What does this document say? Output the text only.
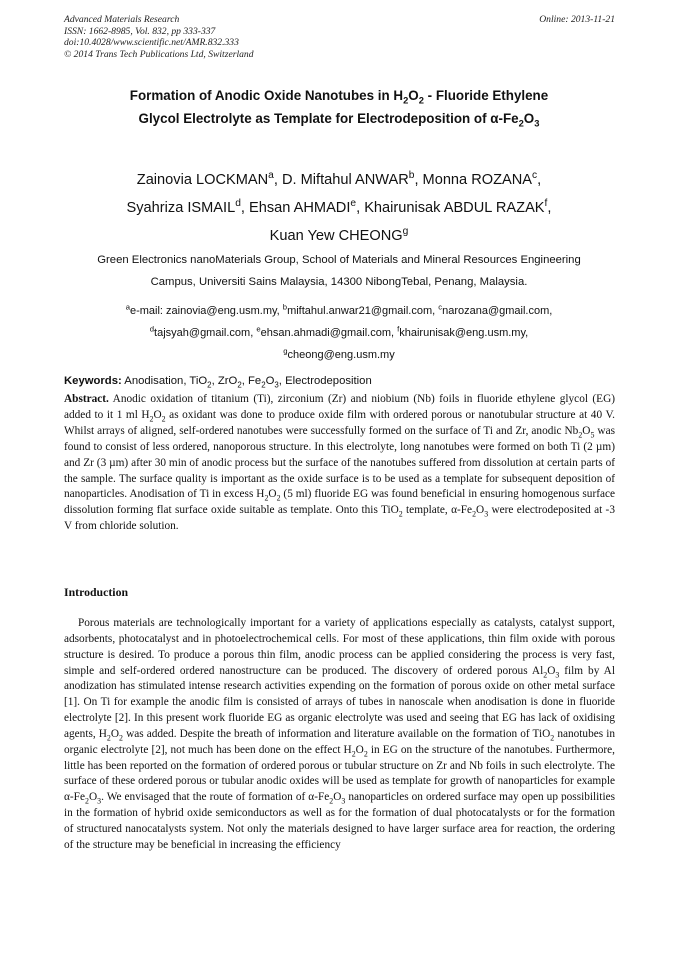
Advanced Materials Research
ISSN: 1662-8985, Vol. 832, pp 333-337
doi:10.4028/www.scientific.net/AMR.832.333
© 2014 Trans Tech Publications Ltd, Switzerland
Online: 2013-11-21
Formation of Anodic Oxide Nanotubes in $H_2O_2$ - Fluoride Ethylene
Glycol Electrolyte as Template for Electrodeposition of $\alpha-Fe_2O_3$
Zainovia LOCKMAN$^a$, D. Miftahul ANWAR$^b$, Monna ROZANA$^c$,
Syahriza ISMAIL$^d$, Ehsan AHMADI$^e$, Khairunisak ABDUL RAZAK$^f$,
Kuan Yew CHEONG$^g$
Green Electronics nanoMaterials Group, School of Materials and Mineral Resources Engineering
Campus, Universiti Sains Malaysia, 14300 NibongTebal, Penang, Malaysia.
$^a$e-mail: zainovia@eng.usm.my, $^b$miftahul.anwar21@gmail.com, $^c$narozana@gmail.com,
$^d$tajsyah@gmail.com, $^e$ehsan.ahmadi@gmail.com, $^f$khairunisak@eng.usm.my,
$^g$cheong@eng.usm.my
Keywords: Anodisation, TiO$_2$, ZrO$_2$, $Fe_2O_3$, Electrodeposition
Abstract. Anodic oxidation of titanium (Ti), zirconium (Zr) and niobium (Nb) foils in fluoride ethylene glycol (EG) added to it 1 ml $H_2O_2$ as oxidant was done to produce oxide film with ordered porous or nanotubular structure at 40 V. Whilst arrays of aligned, self-ordered nanotubes were successfully formed on the surface of Ti and Zr, anodic $Nb_2O_5$ was found to consist of less ordered, nanoporous structure. In this electrolyte, long nanotubes were formed on both Ti (2 µm) and Zr (3 µm) after 30 min of anodic process but the surface of the nanotubes suffered from dissolution at certain parts of the sample. The surface quality is important as the oxide surface is to be used as a template for subsequent deposition of nanoparticles. Anodisation of Ti in excess $H_2O_2$ (5 ml) fluoride EG was found beneficial in ensuring homogenous surface dissolution forming flat surface oxide suitable as template. Onto this TiO$_2$ template, $\alpha-Fe_2O_3$ were electrodeposited at -3 V from chloride solution.
Introduction
Porous materials are technologically important for a variety of applications especially as catalysts, catalyst support, adsorbents, photocatalyst and in photoelectrochemical cells. For most of these applications, thin film oxide with porous structure is desired. To produce a porous thin film, anodic process can be applied considering the process is very fast, simple and self-ordered ordered nanostructure can be produced. The discovery of ordered porous $Al_2O_3$ film by Al anodization has stimulated intense research activities expending on the formation of porous oxide on other metal surface [1]. On Ti for example the anodic film is consisted of arrays of tubes in nanoscale when anodisation is done in fluoride electrolyte [2]. In this present work fluoride EG as organic electrolyte was used and seeing that EG has lack of oxidising agents, $H_2O_2$ was added. Despite the breath of information and literature available on the formation of TiO$_2$ nanotubes in organic electrolyte [2], not much has been done on the effect $H_2O_2$ in EG on the structure of the nanotubes. Furthermore, little has been reported on the formation of ordered porous or tubular structure on Zr and Nb foils in such electrolyte. The surface of these ordered porous or tubular anodic oxides will be used as template for growth of nanoparticles for example $\alpha-Fe_2O_3$. We envisaged that the route of formation of $\alpha-Fe_2O_3$ nanoparticles on ordered surface may open up possibilities in the formation of hybrid oxide semiconductors as well as for the formation of dual photocatalysts or for the formation of structured nanocatalysts system. Not only the materials designed to have larger surface area for reaction, the ordering of the structure may be beneficial in increasing the efficiency
